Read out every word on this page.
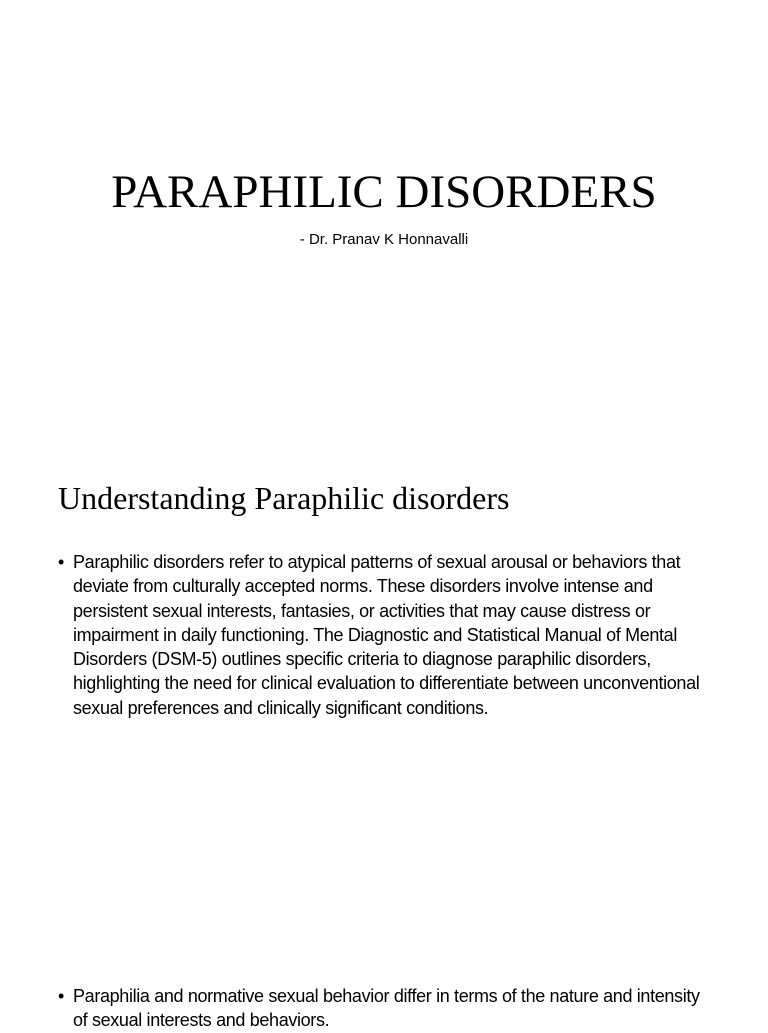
PARAPHILIC DISORDERS
- Dr. Pranav K Honnavalli
Understanding Paraphilic disorders
• Paraphilic disorders refer to atypical patterns of sexual arousal or behaviors that deviate from culturally accepted norms. These disorders involve intense and persistent sexual interests, fantasies, or activities that may cause distress or impairment in daily functioning. The Diagnostic and Statistical Manual of Mental Disorders (DSM-5) outlines specific criteria to diagnose paraphilic disorders, highlighting the need for clinical evaluation to differentiate between unconventional sexual preferences and clinically significant conditions.
• Paraphilia and normative sexual behavior differ in terms of the nature and intensity of sexual interests and behaviors.
